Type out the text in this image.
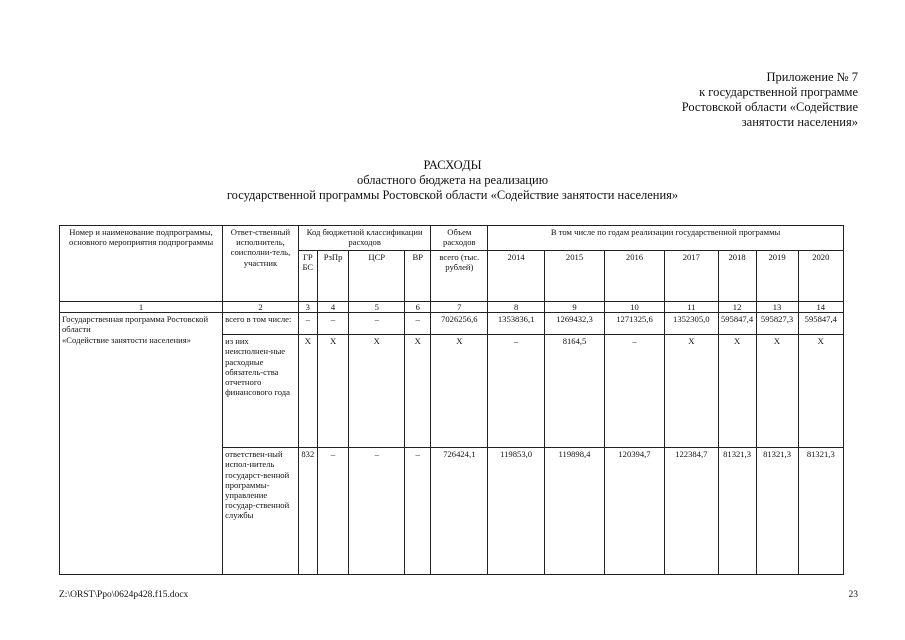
Приложение № 7
к государственной программе
Ростовской области «Содействие
занятости населения»
РАСХОДЫ
областного бюджета на реализацию
государственной программы Ростовской области «Содействие занятости населения»
Номер и наименование подпрограммы, основного мероприятия подпрограммы	Ответ-ственный исполнитель, соисполни-тель, участник	Код бюджетной классификации расходов				Объем расходов	В том числе по годам реализации государственной программы						
		ГР БС	РзПр	ЦСР	ВР	всего (тыс. рублей)	2014	2015	2016	2017	2018	2019	2020
1	2	3	4	5	6	7	8	9	10	11	12	13	14

Государственная программа Ростовской области
«Содействие занятости населения»	всего в том числе:	–	–	–	–	7026256,6	1353836,1	1269432,3	1271325,6	1352305,0	595847,4	595827,3	595847,4
	из них неисполнен-ные расходные обязатель-ства отчетного финансового года	X	X	X	X	X	–	8164,5	–	X	X	X	X
	ответствен-ный испол-нитель государст-венной программы-управление государ-ственной службы	832	–	–	–	726424,1	119853,0	119898,4	120394,7	122384,7	81321,3	81321,3	81321,3
Z:\ORST\Ppo\0624p428.f15.docx	23
